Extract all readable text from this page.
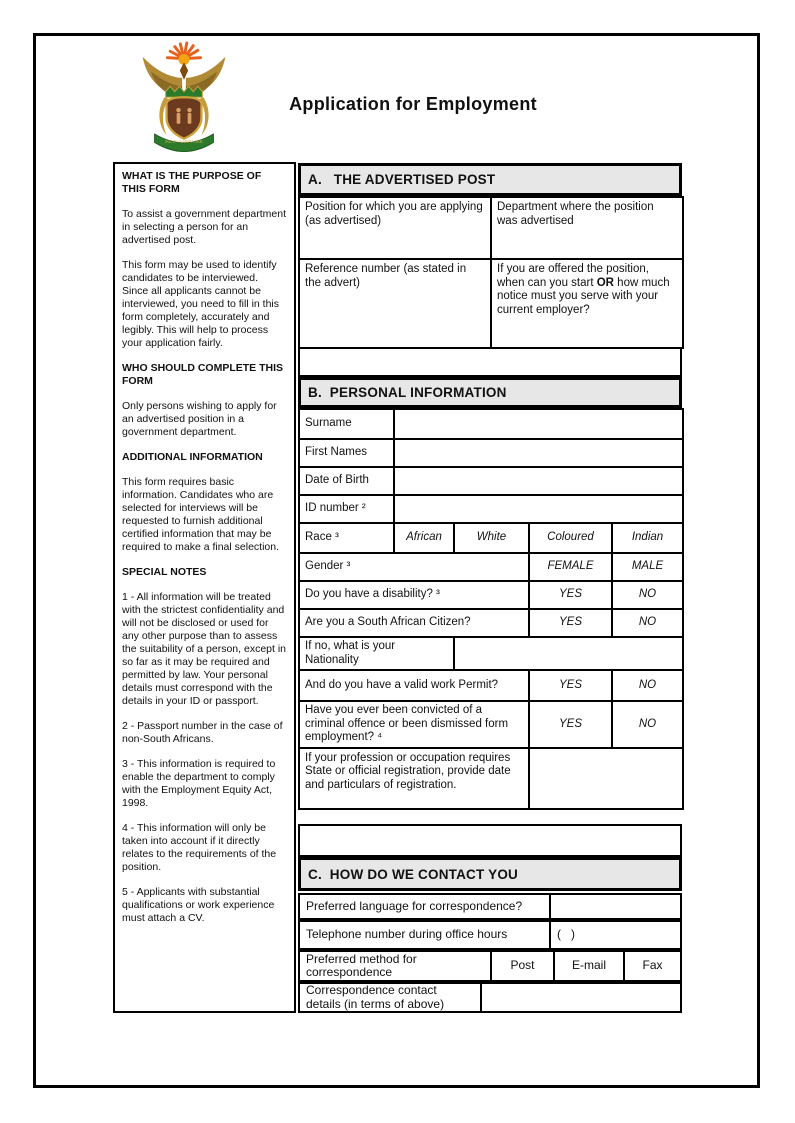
!KE E: /XARRA //KE
Application for Employment
WHAT IS THE PURPOSE OF THIS FORM
To assist a government department in selecting a person for an advertised post.
This form may be used to identify candidates to be interviewed. Since all applicants cannot be interviewed, you need to fill in this form completely, accurately and legibly. This will help to process your application fairly.
WHO SHOULD COMPLETE THIS FORM
Only persons wishing to apply for an advertised position in a government department.
ADDITIONAL INFORMATION
This form requires basic information. Candidates who are selected for interviews will be requested to furnish additional certified information that may be required to make a final selection.
SPECIAL NOTES
1 - All information will be treated with the strictest confidentiality and will not be disclosed or used for any other purpose than to assess the suitability of a person, except in so far as it may be required and permitted by law. Your personal details must correspond with the details in your ID or passport.
2 - Passport number in the case of non-South Africans.
3 - This information is required to enable the department to comply with the Employment Equity Act, 1998.
4 - This information will only be taken into account if it directly relates to the requirements of the position.
5 - Applicants with substantial qualifications or work experience must attach a CV.
A.   THE ADVERTISED POST
Position for which you are applying (as advertised)	Department where the position was advertised
Reference number (as stated in the advert)	If you are offered the position, when can you start OR how much notice must you serve with your current employer?
B.  PERSONAL INFORMATION
Surname				
First Names				
Date of Birth				
ID number ²				
Race ³	African	White	Coloured	Indian
Gender ³			FEMALE	MALE
Do you have a disability? ³			YES	NO
Are you a South African Citizen?			YES	NO
If no, what is your Nationality				
And do you have a valid work Permit?			YES	NO
Have you ever been convicted of a criminal offence or been dismissed form employment? ⁴			YES	NO
If your profession or occupation requires State or official registration, provide date and particulars of registration.				
C.  HOW DO WE CONTACT YOU
Preferred language for correspondence?
Telephone number during office hours	(   )
Preferred method for correspondence	Post	E-mail	Fax
Correspondence contact details (in terms of above)
